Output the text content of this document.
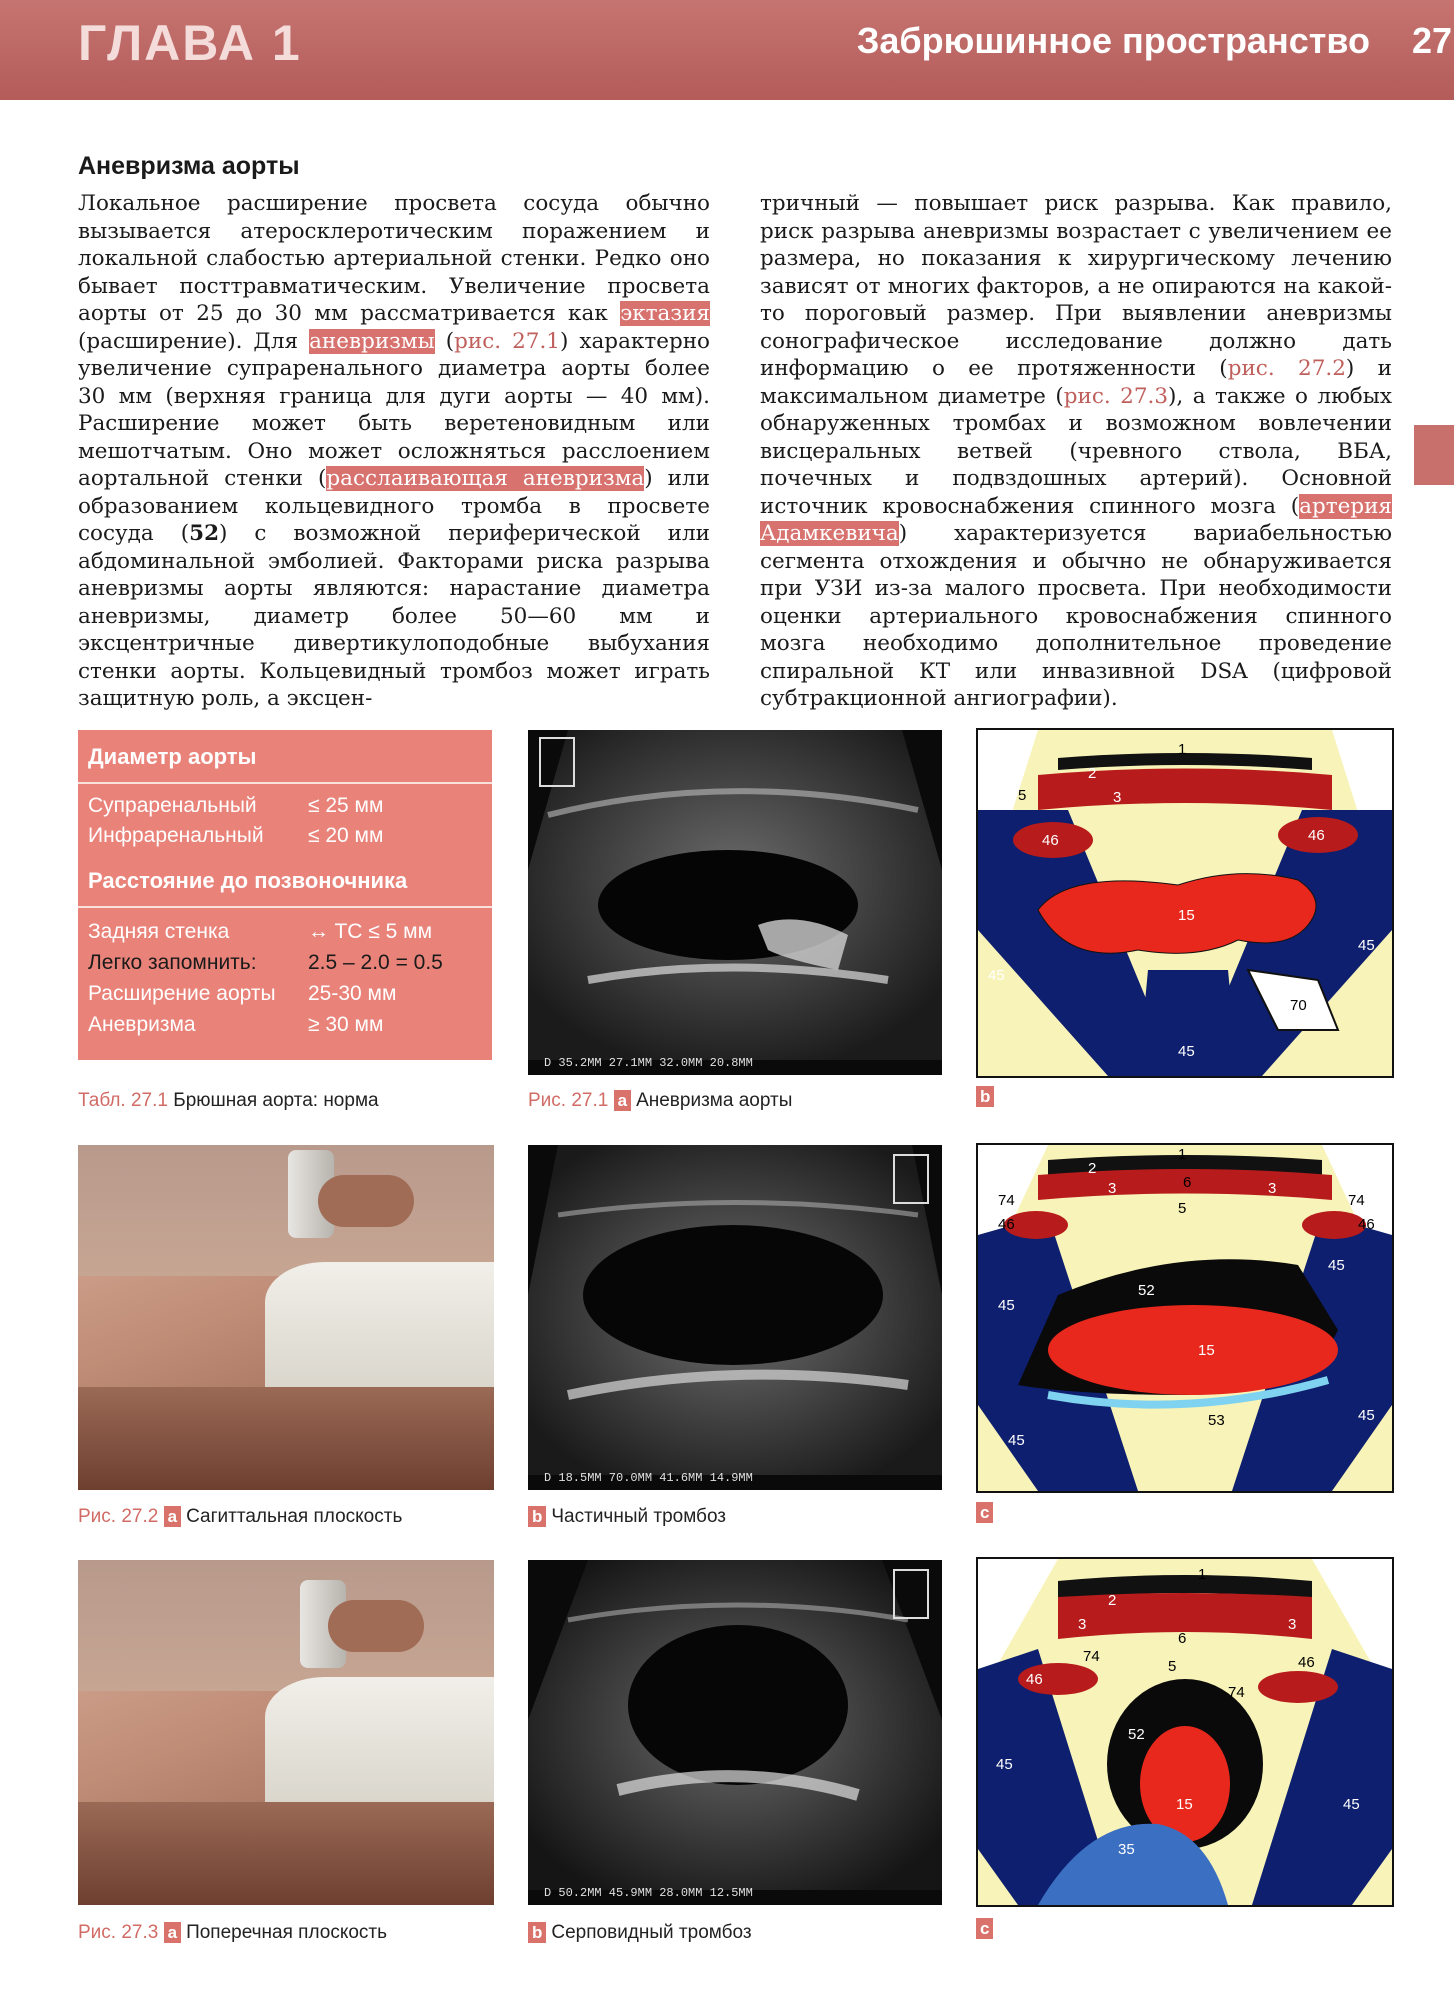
ГЛАВА 1	Забрюшинное пространство 27
Аневризма аорты

Локальное расширение просвета сосуда обычно вызывается атеросклеротическим поражением и локальной слабостью артериальной стенки. Редко оно бывает посттравматическим. Увеличение просвета аорты от 25 до 30 мм рассматривается как эктазия (расширение). Для аневризмы (рис. 27.1) характерно увеличение супраренального диаметра аорты более 30 мм (верхняя граница для дуги аорты — 40 мм). Расширение может быть веретеновидным или мешотчатым. Оно может осложняться расслоением аортальной стенки (расслаивающая аневризма) или образованием кольцевидного тромба в просвете сосуда (52) с возможной периферической или абдоминальной эмболией. Факторами риска разрыва аневризмы аорты являются: нарастание диаметра аневризмы, диаметр более 50—60 мм и эксцентричные дивертикулоподобные выбухания стенки аорты. Кольцевидный тромбоз может играть защитную роль, а эксцен-

тричный — повышает риск разрыва. Как правило, риск разрыва аневризмы возрастает с увеличением ее размера, но показания к хирургическому лечению зависят от многих факторов, а не опираются на какой-то пороговый размер. При выявлении аневризмы сонографическое исследование должно дать информацию о ее протяженности (рис. 27.2) и максимальном диаметре (рис. 27.3), а также о любых обнаруженных тромбах и возможном вовлечении висцеральных ветвей (чревного ствола, ВБА, почечных и подвздошных артерий). Основной источник кровоснабжения спинного мозга (артерия Адамкевича) характеризуется вариабельностью сегмента отхождения и обычно не обнаруживается при УЗИ из-за малого просвета. При необходимости оценки артериального кровоснабжения спинного мозга необходимо дополнительное проведение спиральной КТ или инвазивной DSA (цифровой субтракционной ангиографии).

Диаметр аорты
Супраренальный ≤ 25 мм
Инфраренальный ≤ 20 мм
Расстояние до позвоночника
Задняя стенка	↔ TC ≤ 5 мм
Легко запомнить: 2.5 – 2.0 = 0.5
Расширение аорты 25-30 мм
Аневризма	≥ 30 мм
Табл. 27.1 Брюшная аорта: норма
D 35.2MM 27.1MM 32.0MM 20.8MM
Рис. 27.1 a Аневризма аорты
1
2
3
5
46	46
15
45
45
70
45
b
Рис. 27.2 a Сагиттальная плоскость
D 18.5MM 70.0MM 41.6MM 14.9MM
b Частичный тромбоз
1
2
3	6	3
5
74
46
74
46
45
45
52
15
53
45
45
c
Рис. 27.3 a Поперечная плоскость
D 50.2MM 45.9MM 28.0MM 12.5MM
b Серповидный тромбоз
1
2
3
6
3
5
74
46
46
74
52
15
45
45
35
c
